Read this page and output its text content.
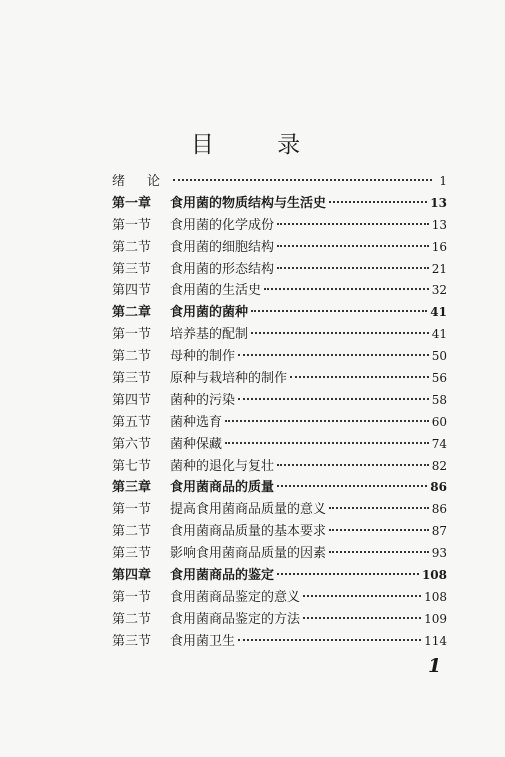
目 录
绪论	1
第一章	食用菌的物质结构与生活史	13
第一节	食用菌的化学成份	13
第二节	食用菌的细胞结构	16
第三节	食用菌的形态结构	21
第四节	食用菌的生活史	32
第二章	食用菌的菌种	41
第一节	培养基的配制	41
第二节	母种的制作	50
第三节	原种与栽培种的制作	56
第四节	菌种的污染	58
第五节	菌种选育	60
第六节	菌种保藏	74
第七节	菌种的退化与复壮	82
第三章	食用菌商品的质量	86
第一节	提高食用菌商品质量的意义	86
第二节	食用菌商品质量的基本要求	87
第三节	影响食用菌商品质量的因素	93
第四章	食用菌商品的鉴定	108
第一节	食用菌商品鉴定的意义	108
第二节	食用菌商品鉴定的方法	109
第三节	食用菌卫生	114
1
